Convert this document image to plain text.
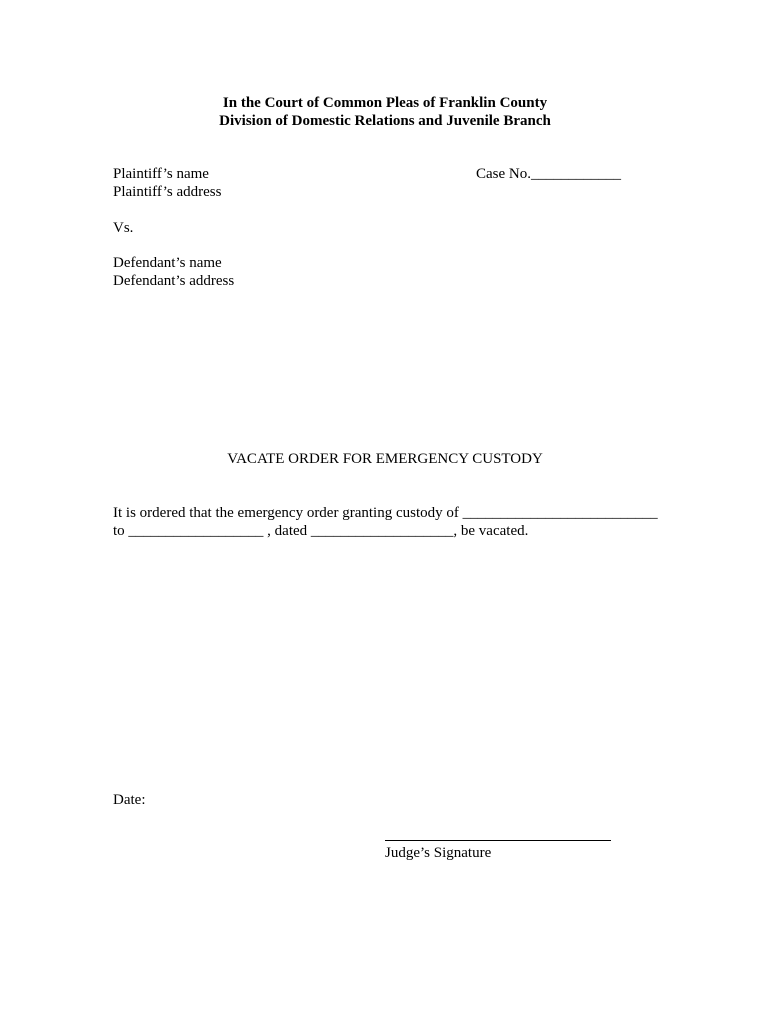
In the Court of Common Pleas of Franklin County
Division of Domestic Relations and Juvenile Branch
Plaintiff’s name
Plaintiff’s address
Case No.____________
Vs.
Defendant’s name
Defendant’s address
VACATE ORDER FOR EMERGENCY CUSTODY
It is ordered that the emergency order granting custody of __________________________
to __________________ , dated ___________________, be vacated.
Date:
Judge’s Signature
